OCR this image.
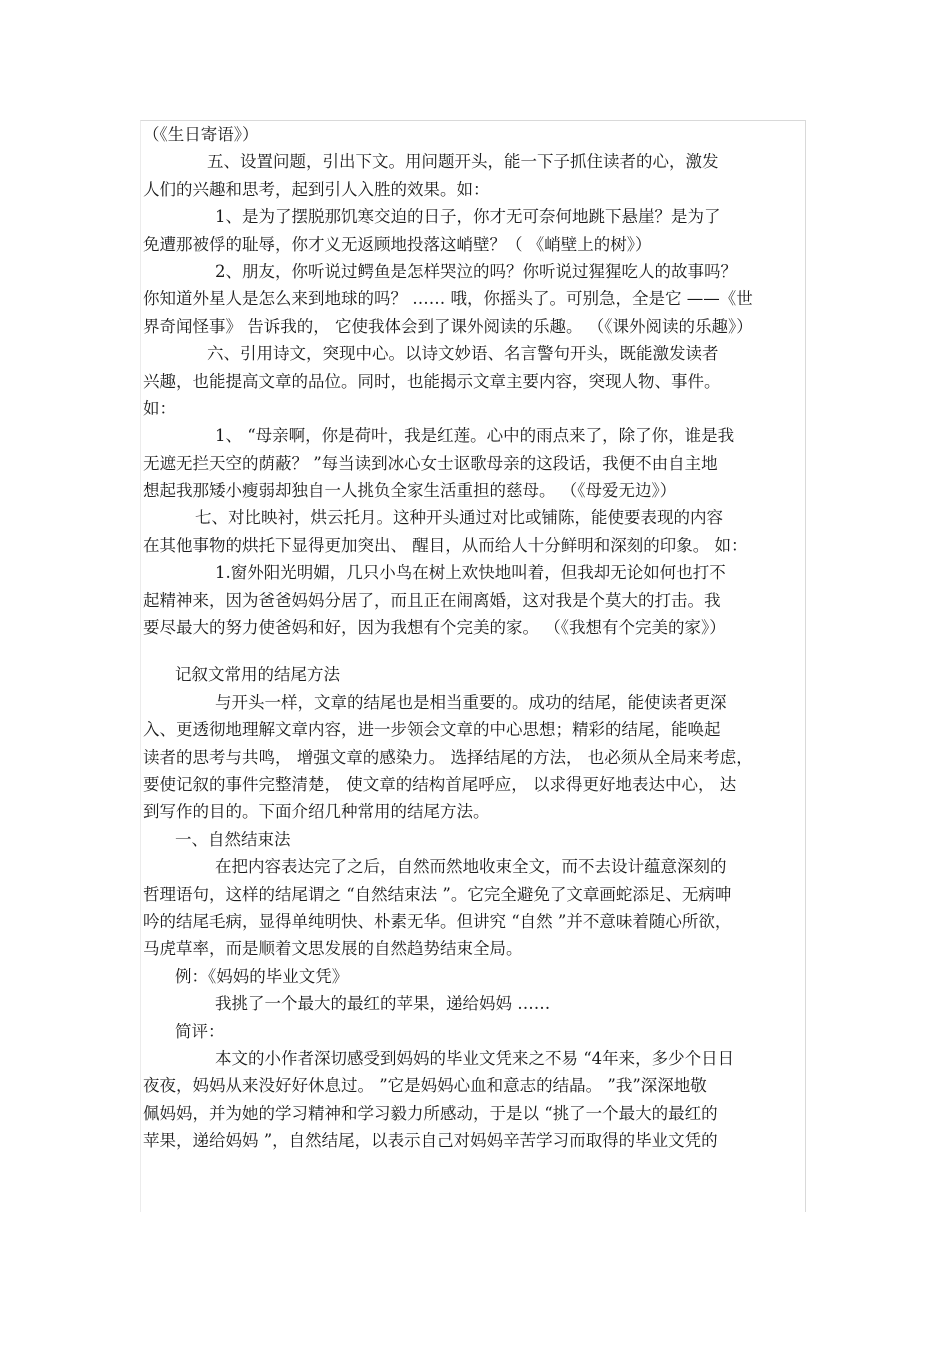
（《生日寄语》）
五、设置问题，引出下文。用问题开头，能一下子抓住读者的心，激发
人们的兴趣和思考，起到引人入胜的效果。如：
1、是为了摆脱那饥寒交迫的日子，你才无可奈何地跳下悬崖？是为了
免遭那被俘的耻辱，你才义无返顾地投落这峭壁？（ 《峭壁上的树》）
2、朋友，你听说过鳄鱼是怎样哭泣的吗？你听说过猩猩吃人的故事吗？
你知道外星人是怎么来到地球的吗？ …… 哦，你摇头了。可别急，全是它 ——《世
界奇闻怪事》 告诉我的， 它使我体会到了课外阅读的乐趣。 （《课外阅读的乐趣》）
六、引用诗文，突现中心。以诗文妙语、名言警句开头，既能激发读者
兴趣，也能提高文章的品位。同时，也能揭示文章主要内容，突现人物、事件。
如：
1、 “母亲啊，你是荷叶，我是红莲。心中的雨点来了，除了你，谁是我
无遮无拦天空的荫蔽？ ”每当读到冰心女士讴歌母亲的这段话，我便不由自主地
想起我那矮小瘦弱却独自一人挑负全家生活重担的慈母。 （《母爱无边》）
七、对比映衬，烘云托月。这种开头通过对比或铺陈，能使要表现的内容
在其他事物的烘托下显得更加突出、 醒目，从而给人十分鲜明和深刻的印象。 如：
1.窗外阳光明媚，几只小鸟在树上欢快地叫着，但我却无论如何也打不
起精神来，因为爸爸妈妈分居了，而且正在闹离婚，这对我是个莫大的打击。我
要尽最大的努力使爸妈和好，因为我想有个完美的家。 （《我想有个完美的家》）
记叙文常用的结尾方法
与开头一样，文章的结尾也是相当重要的。成功的结尾，能使读者更深
入、更透彻地理解文章内容，进一步领会文章的中心思想；精彩的结尾，能唤起
读者的思考与共鸣， 增强文章的感染力。 选择结尾的方法， 也必须从全局来考虑，
要使记叙的事件完整清楚， 使文章的结构首尾呼应， 以求得更好地表达中心， 达
到写作的目的。下面介绍几种常用的结尾方法。
一、自然结束法
在把内容表达完了之后，自然而然地收束全文，而不去设计蕴意深刻的
哲理语句，这样的结尾谓之 “自然结束法 ”。它完全避免了文章画蛇添足、无病呻
吟的结尾毛病，显得单纯明快、朴素无华。但讲究 “自然 ”并不意味着随心所欲，
马虎草率，而是顺着文思发展的自然趋势结束全局。
例：《妈妈的毕业文凭》
我挑了一个最大的最红的苹果，递给妈妈 ……
简评：
本文的小作者深切感受到妈妈的毕业文凭来之不易 “4年来，多少个日日
夜夜，妈妈从来没好好休息过。 ”它是妈妈心血和意志的结晶。 ”我”深深地敬
佩妈妈，并为她的学习精神和学习毅力所感动，于是以 “挑了一个最大的最红的
苹果，递给妈妈 ”，自然结尾，以表示自己对妈妈辛苦学习而取得的毕业文凭的
